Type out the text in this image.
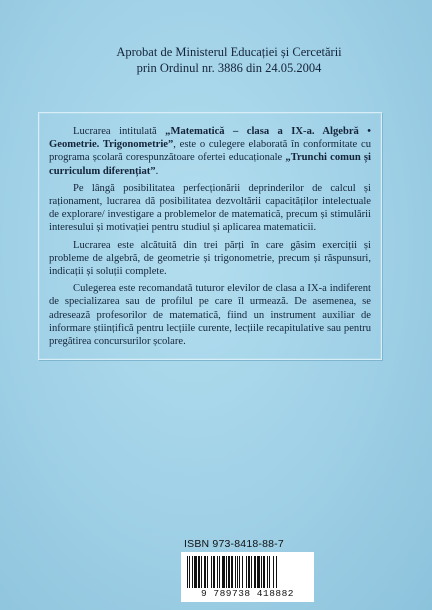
Aprobat de Ministerul Educației și Cercetării
prin Ordinul nr. 3886 din 24.05.2004

Lucrarea intitulată „Matematică – clasa a IX-a. Algebră • Geometrie. Trigonometrie”, este o culegere elaborată în conformitate cu programa școlară corespunzătoare ofertei educaționale „Trunchi comun și curriculum diferențiat”.

Pe lângă posibilitatea perfecționării deprinderilor de calcul și raționament, lucrarea dă posibilitatea dezvoltării capacităților intelectuale de explorare/ investigare a problemelor de matematică, precum și stimulării interesului și motivației pentru studiul și aplicarea matematicii.

Lucrarea este alcătuită din trei părți în care găsim exerciții și probleme de algebră, de geometrie și trigonometrie, precum și răspunsuri, indicații și soluții complete.

Culegerea este recomandată tuturor elevilor de clasa a IX-a indiferent de specializarea sau de profilul pe care îl urmează. De asemenea, se adresează profesorilor de matematică, fiind un instrument auxiliar de informare științifică pentru lecțiile curente, lecțiile recapitulative sau pentru pregătirea concursurilor școlare.

ISBN 973-8418-88-7
9 789738 418882
